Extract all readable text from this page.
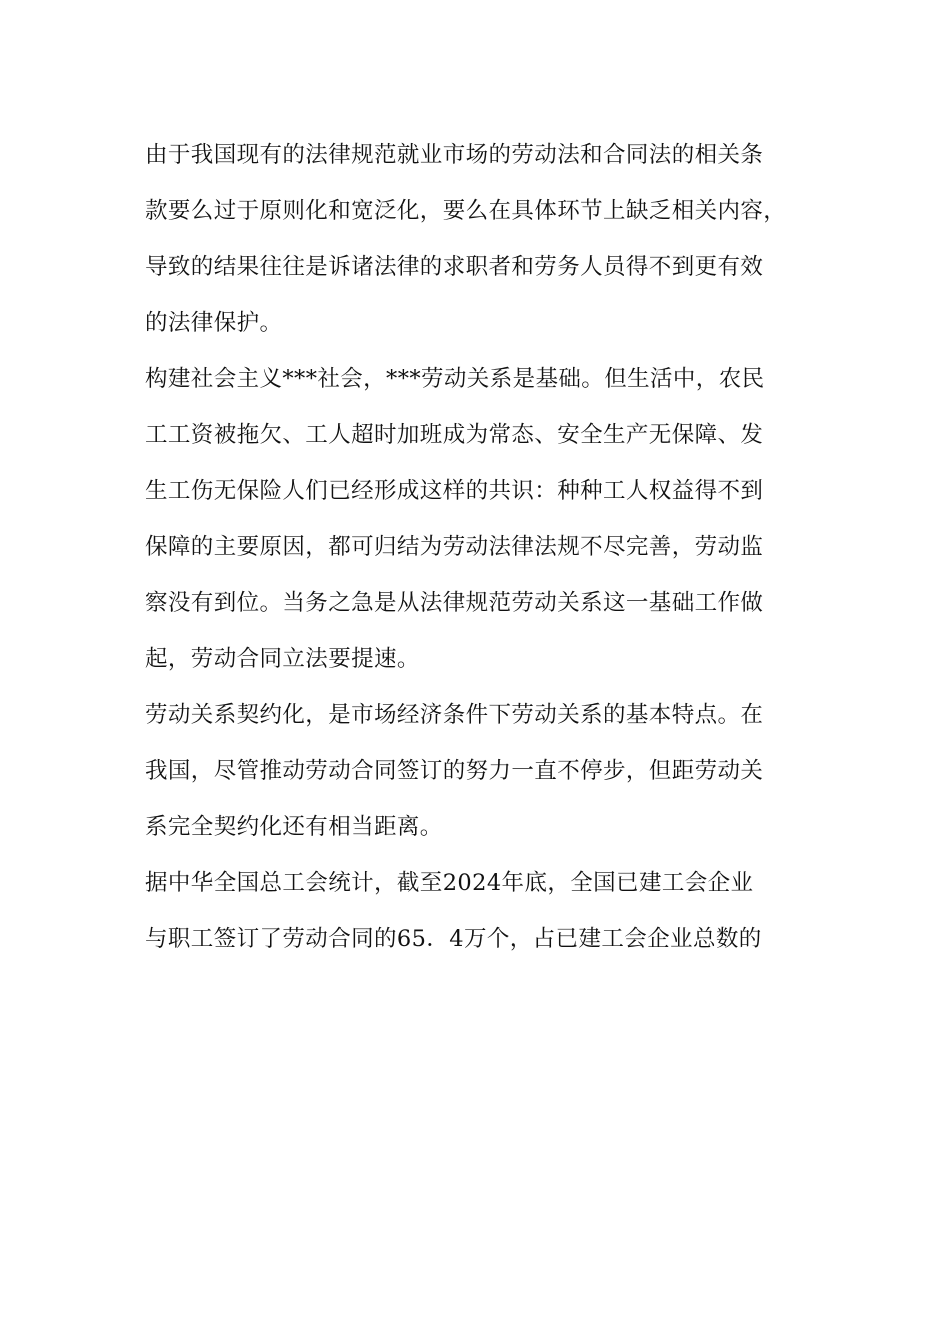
由于我国现有的法律规范就业市场的劳动法和合同法的相关条
款要么过于原则化和宽泛化，要么在具体环节上缺乏相关内容，
导致的结果往往是诉诸法律的求职者和劳务人员得不到更有效
的法律保护。
构建社会主义***社会，***劳动关系是基础。但生活中，农民
工工资被拖欠、工人超时加班成为常态、安全生产无保障、发
生工伤无保险人们已经形成这样的共识：种种工人权益得不到
保障的主要原因，都可归结为劳动法律法规不尽完善，劳动监
察没有到位。当务之急是从法律规范劳动关系这一基础工作做
起，劳动合同立法要提速。
劳动关系契约化，是市场经济条件下劳动关系的基本特点。在
我国，尽管推动劳动合同签订的努力一直不停步，但距劳动关
系完全契约化还有相当距离。
据中华全国总工会统计，截至2024年底，全国已建工会企业
与职工签订了劳动合同的65．4万个，占已建工会企业总数的
